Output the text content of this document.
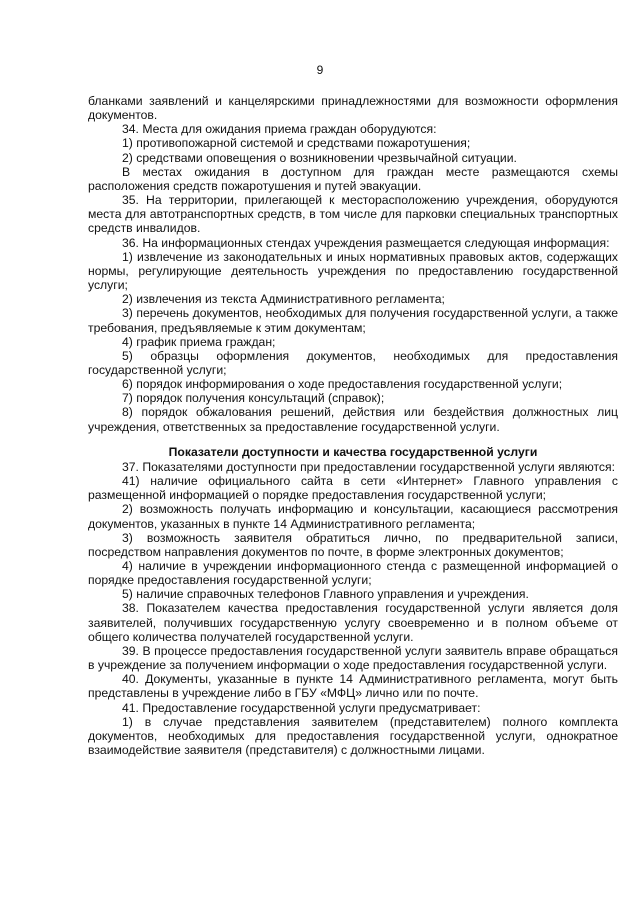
9

бланками заявлений и канцелярскими принадлежностями для возможности оформления документов.

34. Места для ожидания приема граждан оборудуются:

1) противопожарной системой и средствами пожаротушения;

2) средствами оповещения о возникновении чрезвычайной ситуации.

В местах ожидания в доступном для граждан месте размещаются схемы расположения средств пожаротушения и путей эвакуации.

35. На территории, прилегающей к месторасположению учреждения, оборудуются места для автотранспортных средств, в том числе для парковки специальных транспортных средств инвалидов.

36. На информационных стендах учреждения размещается следующая информация:

1) извлечение из законодательных и иных нормативных правовых актов, содержащих нормы, регулирующие деятельность учреждения по предоставлению государственной услуги;

2) извлечения из текста Административного регламента;

3) перечень документов, необходимых для получения государственной услуги, а также требования, предъявляемые к этим документам;

4) график приема граждан;

5) образцы оформления документов, необходимых для предоставления государственной услуги;

6) порядок информирования о ходе предоставления государственной услуги;

7) порядок получения консультаций (справок);

8) порядок обжалования решений, действия или бездействия должностных лиц учреждения, ответственных за предоставление государственной услуги.

Показатели доступности и качества государственной услуги

37. Показателями доступности при предоставлении государственной услуги являются:

41) наличие официального сайта в сети «Интернет» Главного управления с размещенной информацией о порядке предоставления государственной услуги;

2) возможность получать информацию и консультации, касающиеся рассмотрения документов, указанных в пункте 14 Административного регламента;

3) возможность заявителя обратиться лично, по предварительной записи, посредством направления документов по почте, в форме электронных документов;

4) наличие в учреждении информационного стенда с размещенной информацией о порядке предоставления государственной услуги;

5) наличие справочных телефонов Главного управления и учреждения.

38. Показателем качества предоставления государственной услуги является доля заявителей, получивших государственную услугу своевременно и в полном объеме от общего количества получателей государственной услуги.

39. В процессе предоставления государственной услуги заявитель вправе обращаться в учреждение за получением информации о ходе предоставления государственной услуги.

40. Документы, указанные в пункте 14 Административного регламента, могут быть представлены в учреждение либо в ГБУ «МФЦ» лично или по почте.

41. Предоставление государственной услуги предусматривает:

1) в случае представления заявителем (представителем) полного комплекта документов, необходимых для предоставления государственной услуги, однократное взаимодействие заявителя (представителя) с должностными лицами.
